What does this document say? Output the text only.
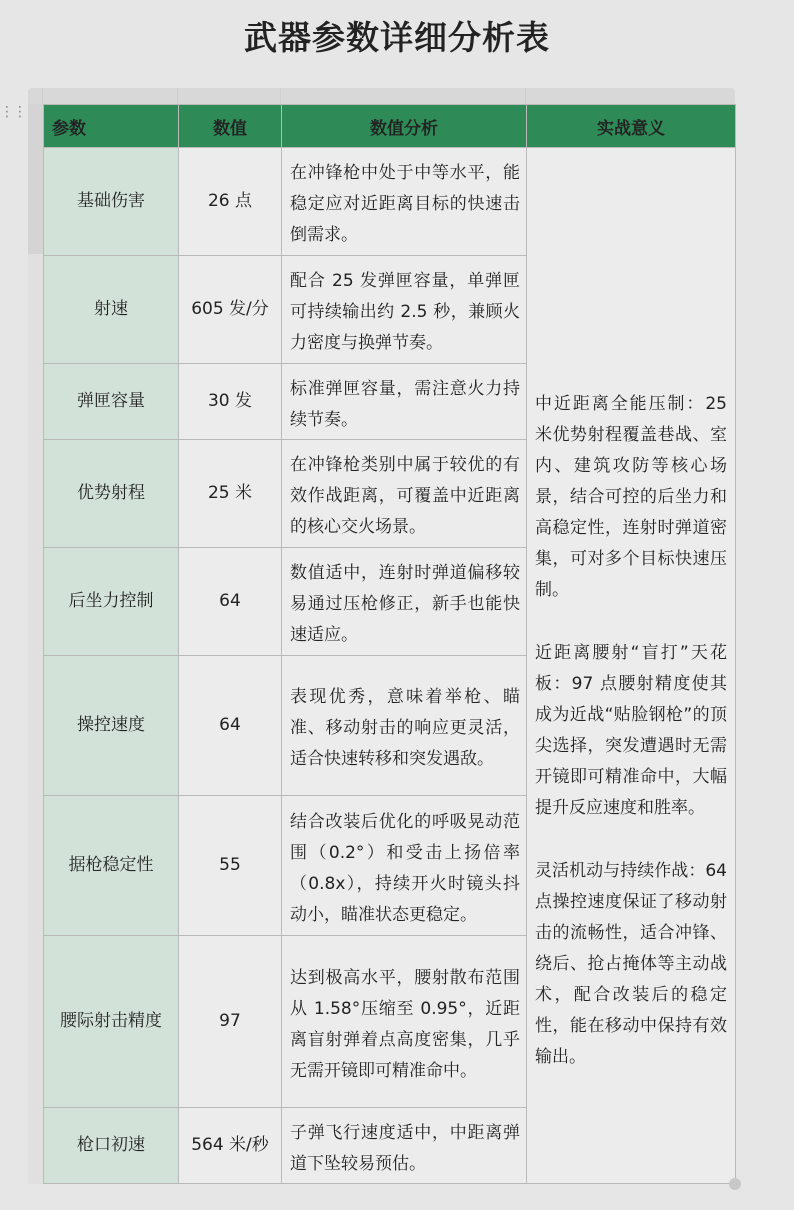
武器参数详细分析表
⋮⋮
参数	数值	数值分析	实战意义
基础伤害	26 点	在冲锋枪中处于中等水平，能稳定应对近距离目标的快速击倒需求。	中近距离全能压制：25 米优势射程覆盖巷战、室内、建筑攻防等核心场景，结合可控的后坐力和高稳定性，连射时弹道密集，可对多个目标快速压制。
近距离腰射“盲打”天花板：97 点腰射精度使其成为近战“贴脸钢枪”的顶尖选择，突发遭遇时无需开镜即可精准命中，大幅提升反应速度和胜率。
灵活机动与持续作战：64 点操控速度保证了移动射击的流畅性，适合冲锋、绕后、抢占掩体等主动战术，配合改装后的稳定性，能在移动中保持有效输出。

射速	605 发/分	配合 25 发弹匣容量，单弹匣可持续输出约 2.5 秒，兼顾火力密度与换弹节奏。	
弹匣容量	30 发	标准弹匣容量，需注意火力持续节奏。	
优势射程	25 米	在冲锋枪类别中属于较优的有效作战距离，可覆盖中近距离的核心交火场景。	
后坐力控制	64	数值适中，连射时弹道偏移较易通过压枪修正，新手也能快速适应。	
操控速度	64	表现优秀，意味着举枪、瞄准、移动射击的响应更灵活，适合快速转移和突发遇敌。	
据枪稳定性	55	结合改装后优化的呼吸晃动范围（0.2°）和受击上扬倍率（0.8x），持续开火时镜头抖动小，瞄准状态更稳定。	
腰际射击精度	97	达到极高水平，腰射散布范围从 1.58°压缩至 0.95°，近距离盲射弹着点高度密集，几乎无需开镜即可精准命中。	
枪口初速	564 米/秒	子弹飞行速度适中，中距离弹道下坠较易预估。	
